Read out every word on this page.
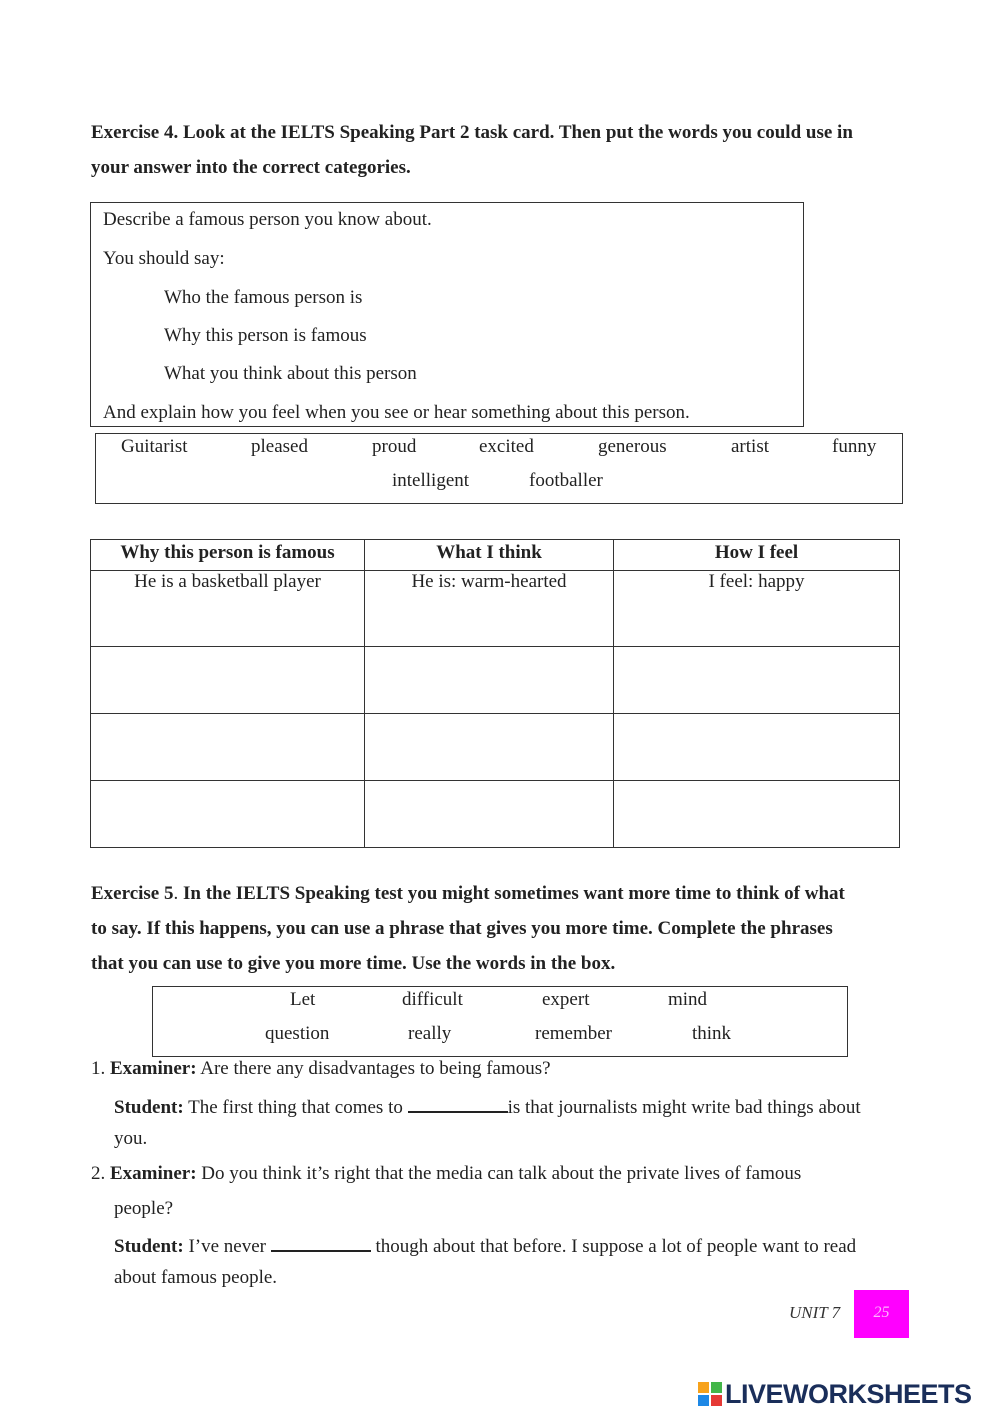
Exercise 4. Look at the IELTS Speaking Part 2 task card. Then put the words you could use in
your answer into the correct categories.
Describe a famous person you know about.
You should say:
Who the famous person is
Why this person is famous
What you think about this person
And explain how you feel when you see or hear something about this person.
Guitarist	pleased	proud	excited	generous	artist	funny
intelligent	footballer
Why this person is famous	What I think	How I feel
He is a basketball player	He is: warm-hearted	I feel: happy

Exercise 5. In the IELTS Speaking test you might sometimes want more time to think of what
to say. If this happens, you can use a phrase that gives you more time. Complete the phrases
that you can use to give you more time. Use the words in the box.
Let	difficult	expert	mind
question	really	remember	think
1. Examiner: Are there any disadvantages to being famous?
Student: The first thing that comes to	is that journalists might write bad things about
you.
2. Examiner: Do you think it’s right that the media can talk about the private lives of famous
people?
Student: I’ve never	though about that before. I suppose a lot of people want to read
about famous people.
UNIT 7	25
LIVEWORKSHEETS
